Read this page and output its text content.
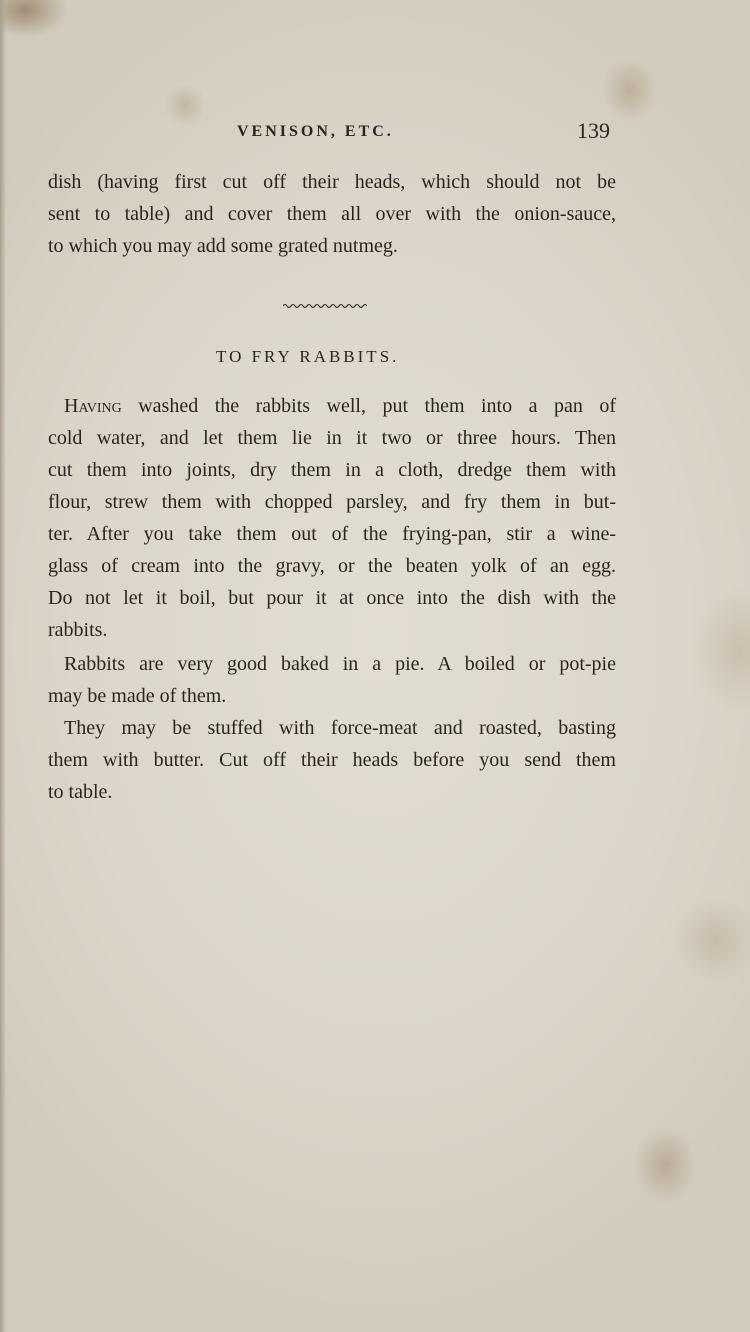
VENISON, ETC.	139
dish (having first cut off their heads, which should not be
sent to table) and cover them all over with the onion-sauce,
to which you may add some grated nutmeg.
TO FRY RABBITS.
Having washed the rabbits well, put them into a pan of
cold water, and let them lie in it two or three hours. Then
cut them into joints, dry them in a cloth, dredge them with
flour, strew them with chopped parsley, and fry them in but-
ter. After you take them out of the frying-pan, stir a wine-
glass of cream into the gravy, or the beaten yolk of an egg.
Do not let it boil, but pour it at once into the dish with the
rabbits.
Rabbits are very good baked in a pie. A boiled or pot-pie
may be made of them.
They may be stuffed with force-meat and roasted, basting
them with butter. Cut off their heads before you send them
to table.
